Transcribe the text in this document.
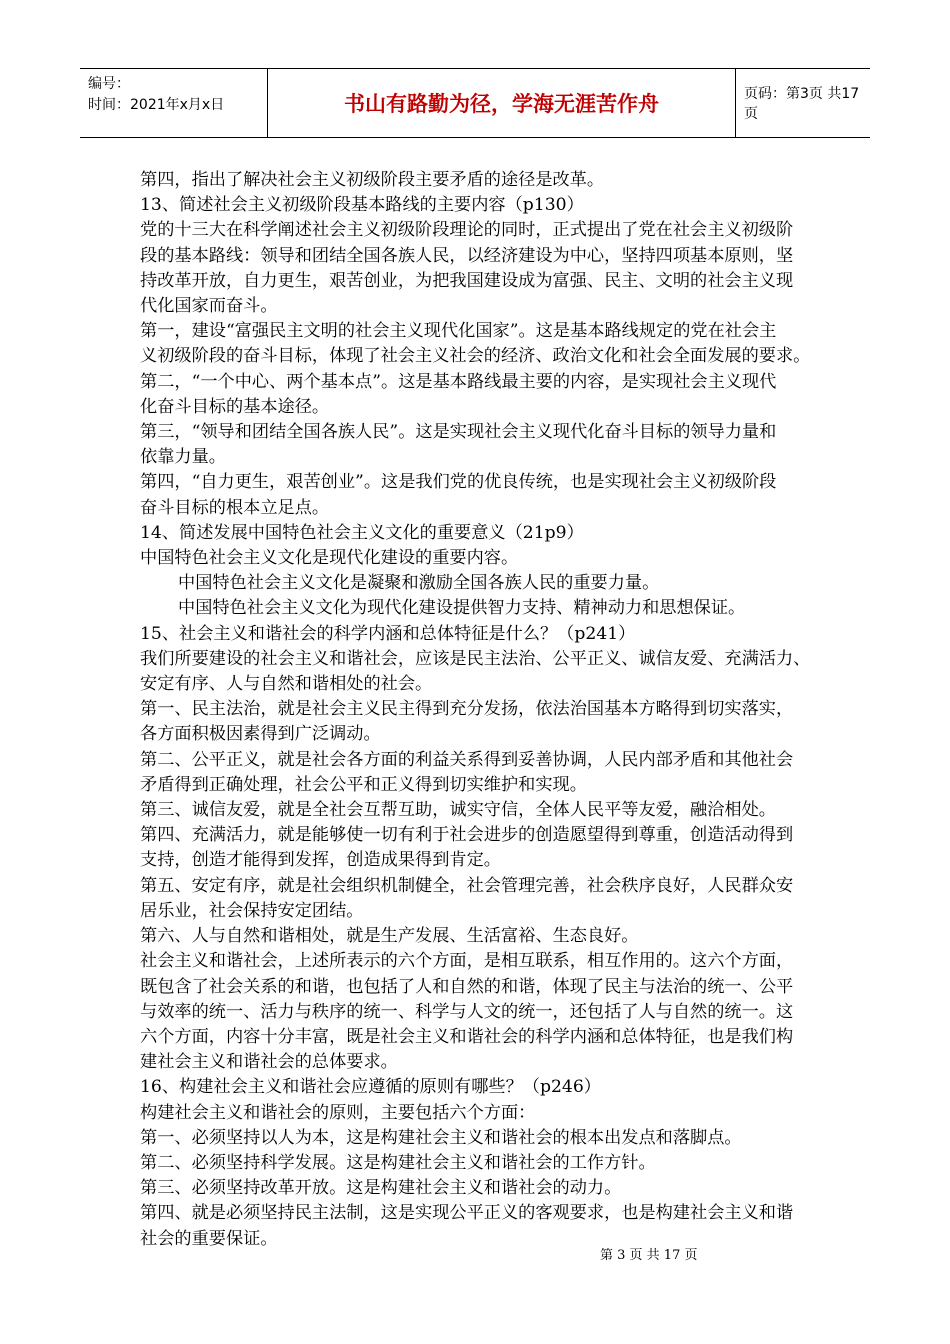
编号：
时间：2021年x月x日	书山有路勤为径，学海无涯苦作舟	页码：第3页 共17页

第四，指出了解决社会主义初级阶段主要矛盾的途径是改革。

13、简述社会主义初级阶段基本路线的主要内容（p130）

党的十三大在科学阐述社会主义初级阶段理论的同时，正式提出了党在社会主义初级阶

段的基本路线：领导和团结全国各族人民，以经济建设为中心，坚持四项基本原则，坚

持改革开放，自力更生，艰苦创业，为把我国建设成为富强、民主、文明的社会主义现

代化国家而奋斗。

第一，建设“富强民主文明的社会主义现代化国家”。这是基本路线规定的党在社会主

义初级阶段的奋斗目标，体现了社会主义社会的经济、政治文化和社会全面发展的要求。

第二，“一个中心、两个基本点”。这是基本路线最主要的内容，是实现社会主义现代

化奋斗目标的基本途径。

第三，“领导和团结全国各族人民”。这是实现社会主义现代化奋斗目标的领导力量和

依靠力量。

第四，“自力更生，艰苦创业”。这是我们党的优良传统，也是实现社会主义初级阶段

奋斗目标的根本立足点。

14、简述发展中国特色社会主义文化的重要意义（21p9）

中国特色社会主义文化是现代化建设的重要内容。

中国特色社会主义文化是凝聚和激励全国各族人民的重要力量。

中国特色社会主义文化为现代化建设提供智力支持、精神动力和思想保证。

15、社会主义和谐社会的科学内涵和总体特征是什么？（p241）

我们所要建设的社会主义和谐社会，应该是民主法治、公平正义、诚信友爱、充满活力、

安定有序、人与自然和谐相处的社会。

第一、民主法治，就是社会主义民主得到充分发扬，依法治国基本方略得到切实落实，

各方面积极因素得到广泛调动。

第二、公平正义，就是社会各方面的利益关系得到妥善协调，人民内部矛盾和其他社会

矛盾得到正确处理，社会公平和正义得到切实维护和实现。

第三、诚信友爱，就是全社会互帮互助，诚实守信，全体人民平等友爱，融洽相处。

第四、充满活力，就是能够使一切有利于社会进步的创造愿望得到尊重，创造活动得到

支持，创造才能得到发挥，创造成果得到肯定。

第五、安定有序，就是社会组织机制健全，社会管理完善，社会秩序良好，人民群众安

居乐业，社会保持安定团结。

第六、人与自然和谐相处，就是生产发展、生活富裕、生态良好。

社会主义和谐社会，上述所表示的六个方面，是相互联系，相互作用的。这六个方面，

既包含了社会关系的和谐，也包括了人和自然的和谐，体现了民主与法治的统一、公平

与效率的统一、活力与秩序的统一、科学与人文的统一，还包括了人与自然的统一。这

六个方面，内容十分丰富，既是社会主义和谐社会的科学内涵和总体特征，也是我们构

建社会主义和谐社会的总体要求。

16、构建社会主义和谐社会应遵循的原则有哪些？（p246）

构建社会主义和谐社会的原则，主要包括六个方面：

第一、必须坚持以人为本，这是构建社会主义和谐社会的根本出发点和落脚点。

第二、必须坚持科学发展。这是构建社会主义和谐社会的工作方针。

第三、必须坚持改革开放。这是构建社会主义和谐社会的动力。

第四、就是必须坚持民主法制，这是实现公平正义的客观要求，也是构建社会主义和谐

社会的重要保证。

第 3 页 共 17 页
